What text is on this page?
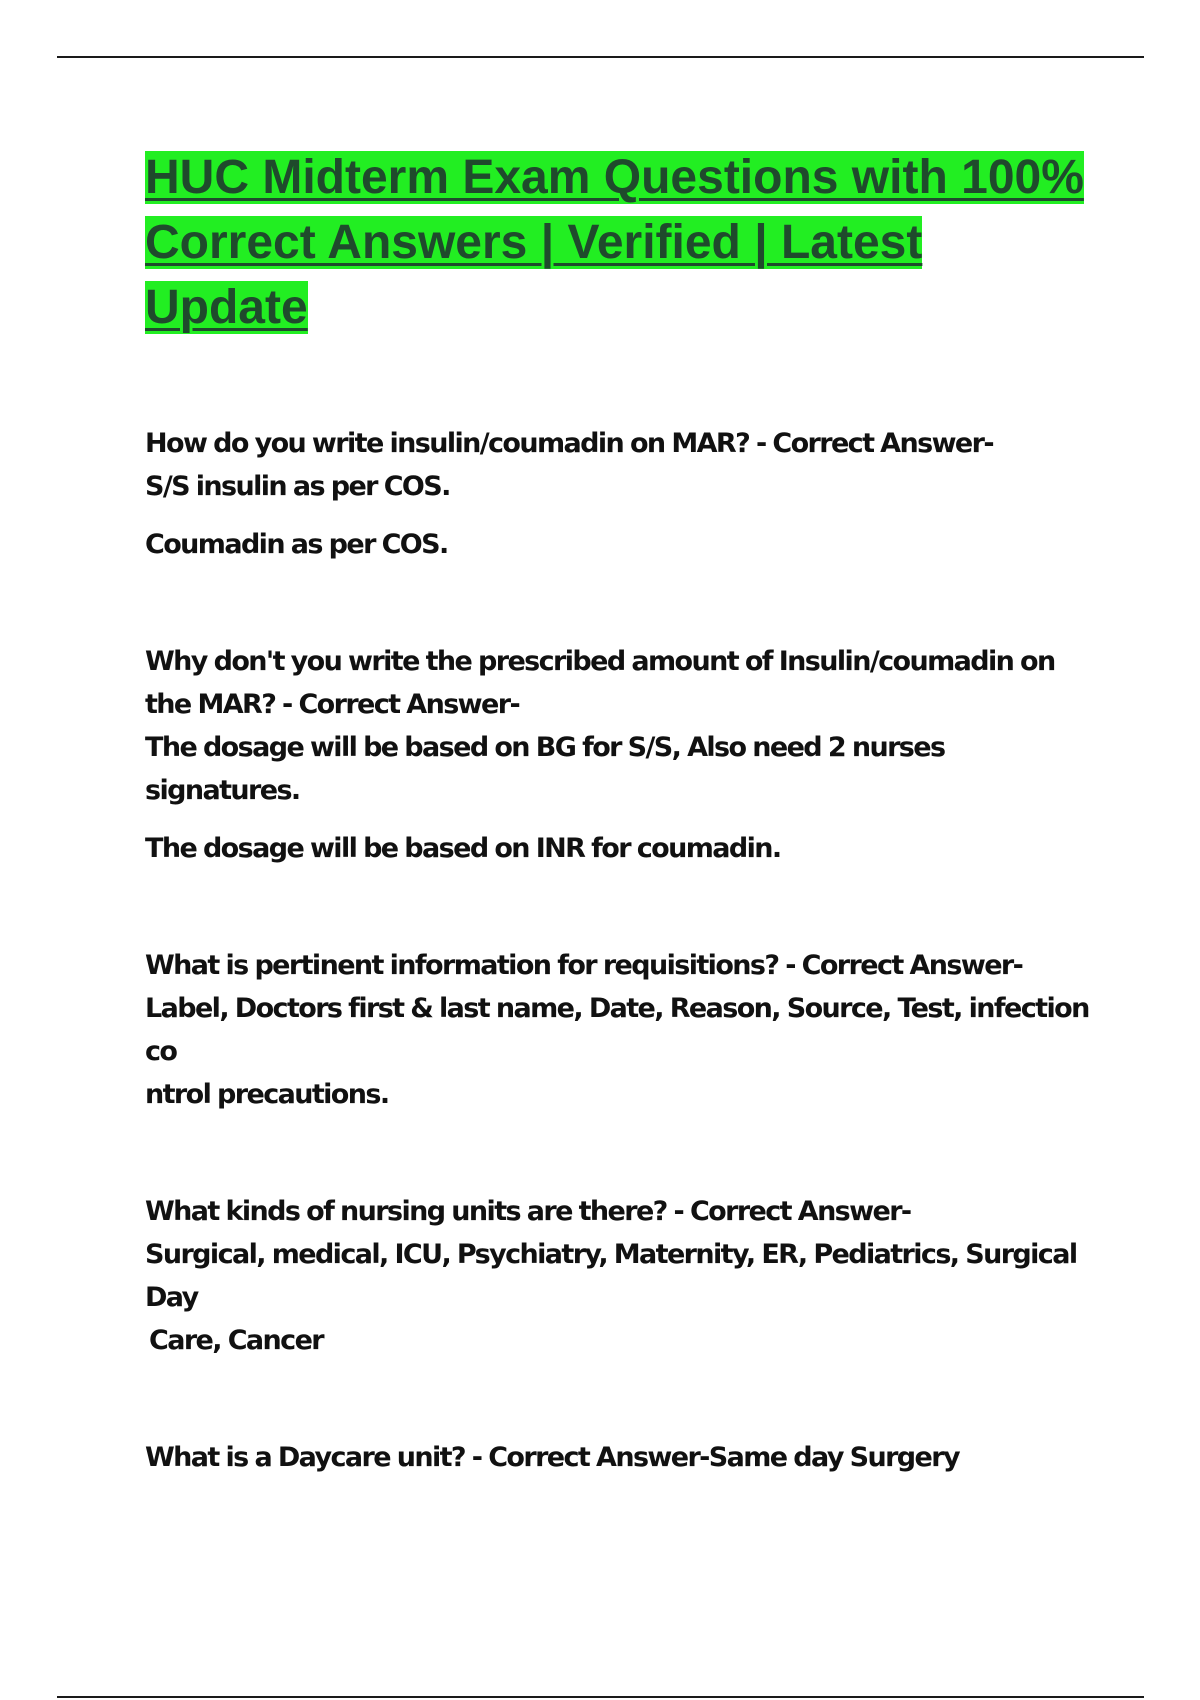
HUC Midterm Exam Questions with 100% Correct Answers | Verified | Latest Update

How do you write insulin/coumadin on MAR? - Correct Answer-

S/S insulin as per COS.

Coumadin as per COS.

Why don't you write the prescribed amount of Insulin/coumadin on the MAR? - Correct Answer-

The dosage will be based on BG for S/S, Also need 2 nurses signatures.

The dosage will be based on INR for coumadin.

What is pertinent information for requisitions? - Correct Answer-

Label, Doctors first & last name, Date, Reason, Source, Test, infection co

ntrol precautions.

What kinds of nursing units are there? - Correct Answer-

Surgical, medical, ICU, Psychiatry, Maternity, ER, Pediatrics, Surgical Day

Care, Cancer

What is a Daycare unit? - Correct Answer-Same day Surgery
